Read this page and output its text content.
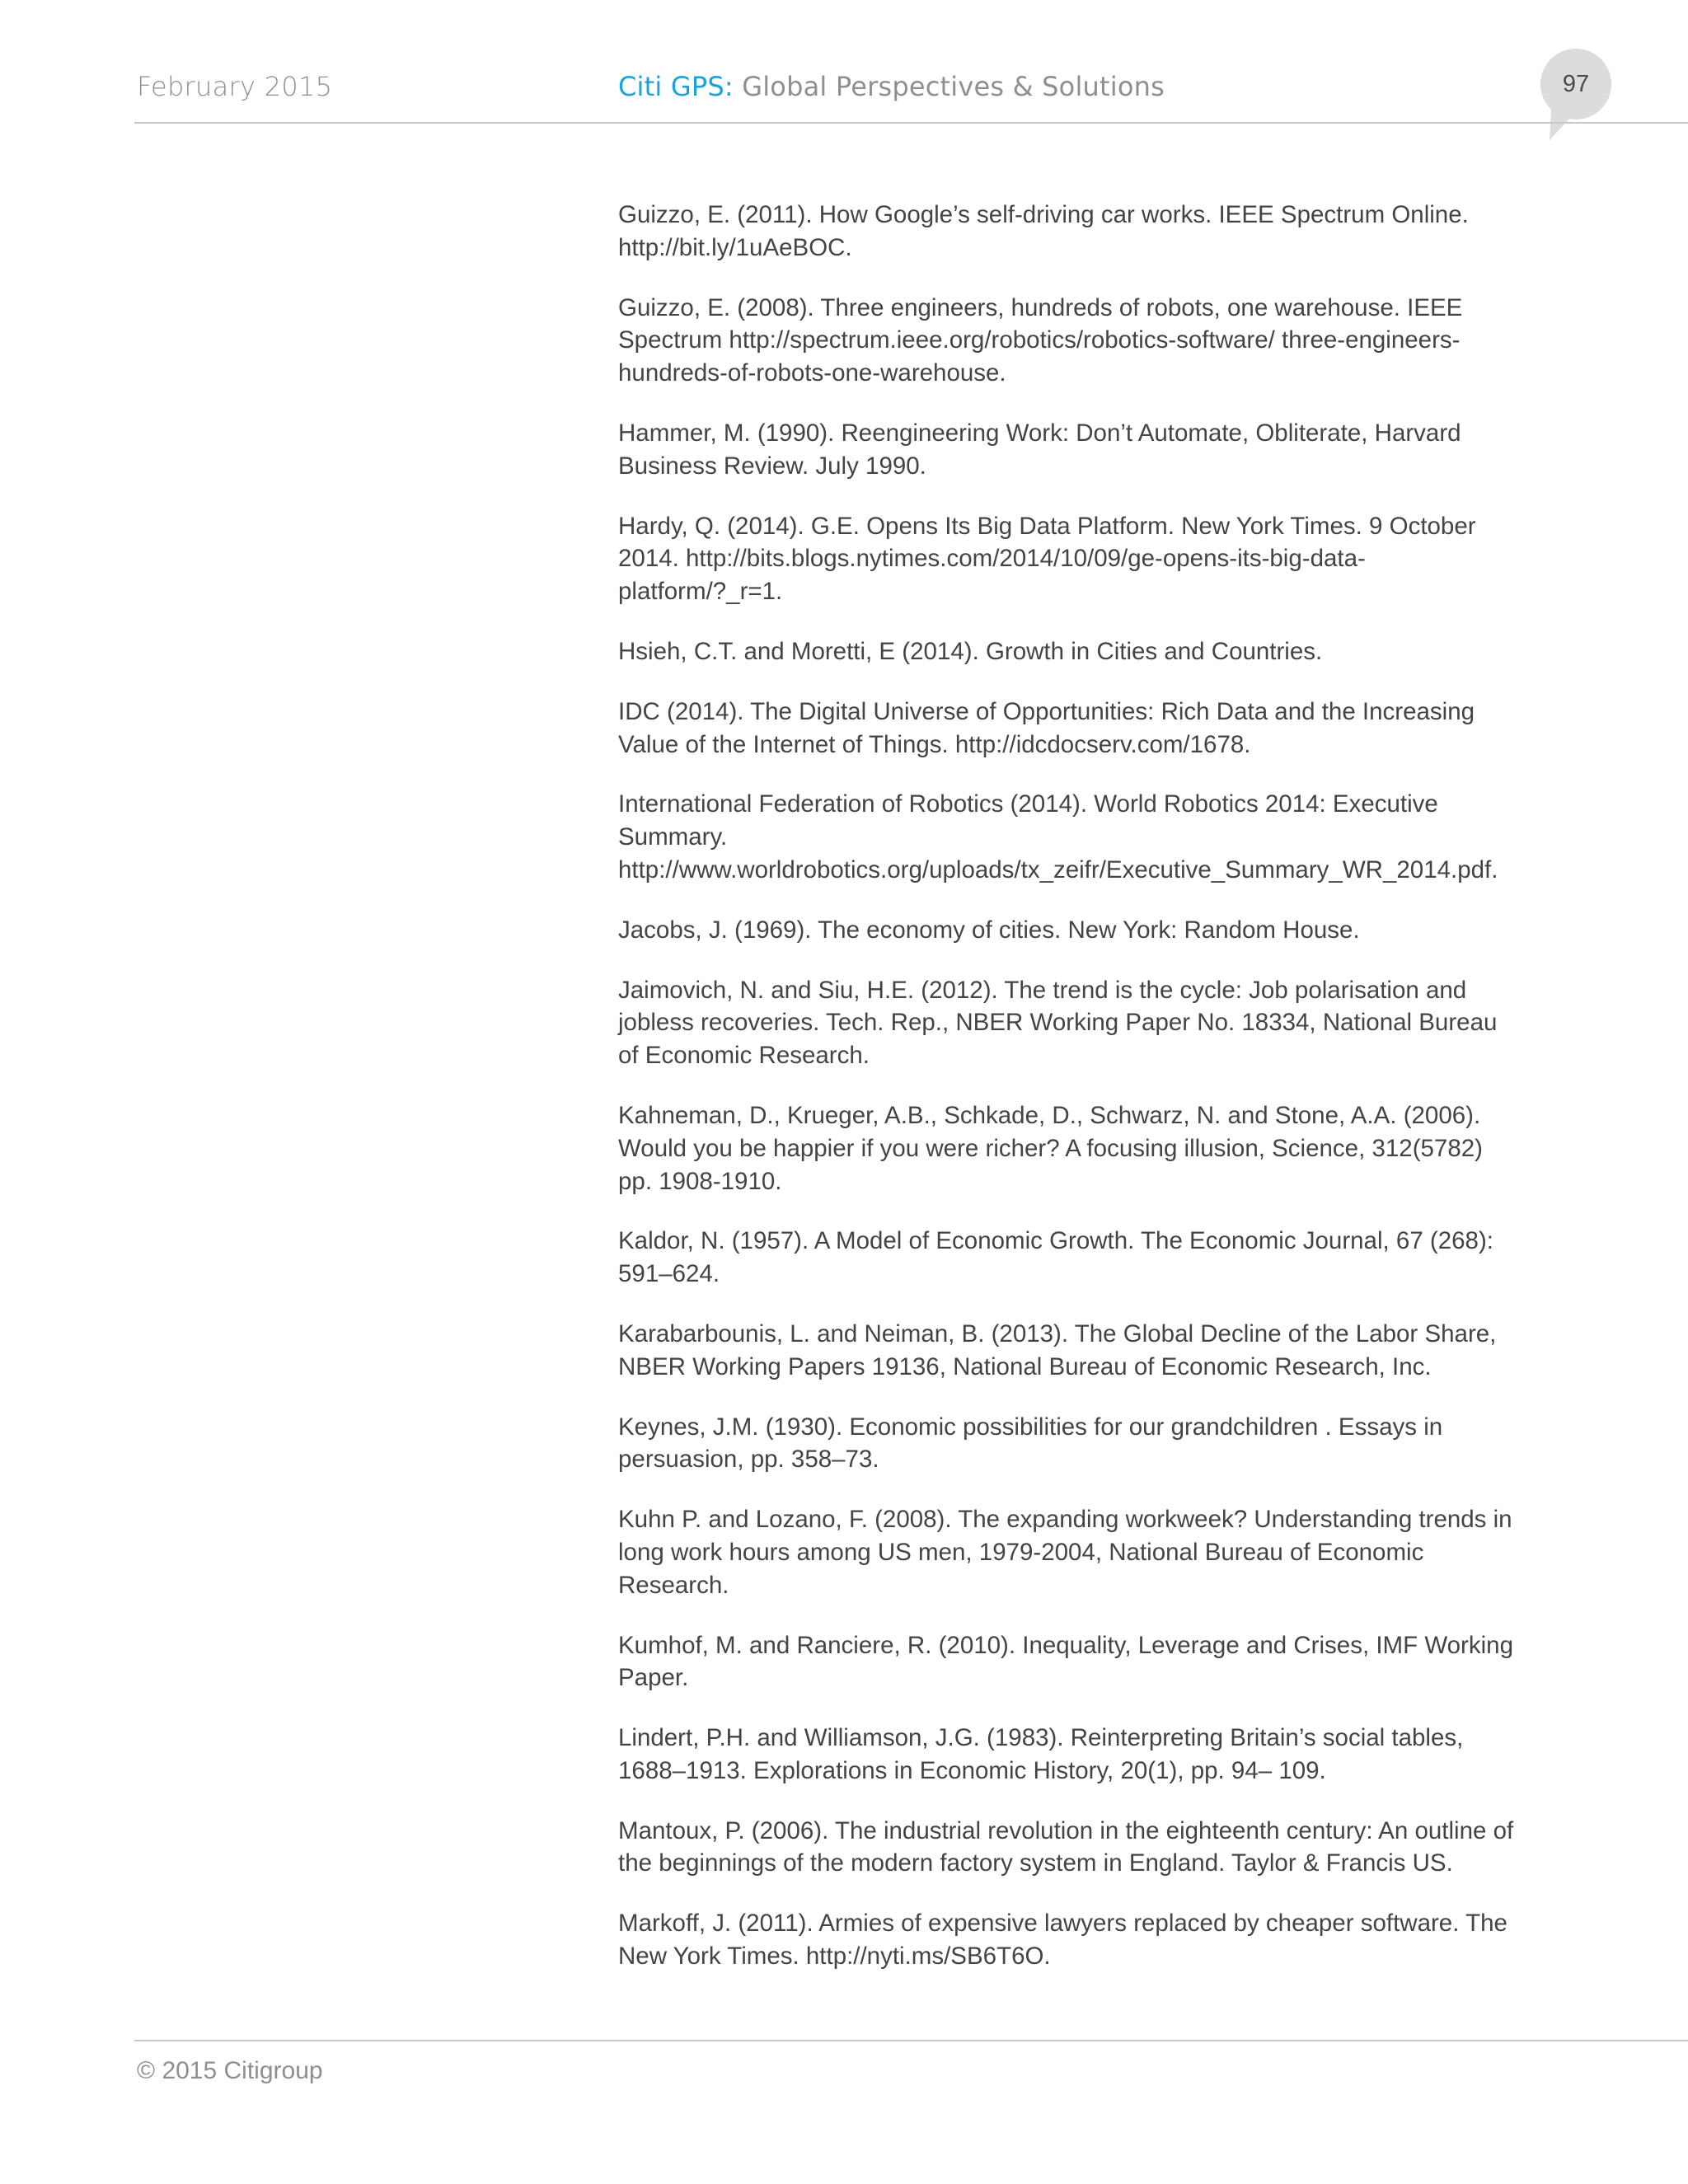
February 2015	Citi GPS: Global Perspectives & Solutions	97
Guizzo, E. (2011). How Google’s self-driving car works. IEEE Spectrum Online.
http://bit.ly/1uAeBOC.
Guizzo, E. (2008). Three engineers, hundreds of robots, one warehouse. IEEE
Spectrum http://spectrum.ieee.org/robotics/robotics-software/ three-engineers-
hundreds-of-robots-one-warehouse.
Hammer, M. (1990). Reengineering Work: Don’t Automate, Obliterate, Harvard
Business Review. July 1990.
Hardy, Q. (2014). G.E. Opens Its Big Data Platform. New York Times. 9 October
2014. http://bits.blogs.nytimes.com/2014/10/09/ge-opens-its-big-data-
platform/?_r=1.
Hsieh, C.T. and Moretti, E (2014). Growth in Cities and Countries.
IDC (2014). The Digital Universe of Opportunities: Rich Data and the Increasing
Value of the Internet of Things. http://idcdocserv.com/1678.
International Federation of Robotics (2014). World Robotics 2014: Executive
Summary.
http://www.worldrobotics.org/uploads/tx_zeifr/Executive_Summary_WR_2014.pdf.
Jacobs, J. (1969). The economy of cities. New York: Random House.
Jaimovich, N. and Siu, H.E. (2012). The trend is the cycle: Job polarisation and
jobless recoveries. Tech. Rep., NBER Working Paper No. 18334, National Bureau
of Economic Research.
Kahneman, D., Krueger, A.B., Schkade, D., Schwarz, N. and Stone, A.A. (2006).
Would you be happier if you were richer? A focusing illusion, Science, 312(5782)
pp. 1908-1910.
Kaldor, N. (1957). A Model of Economic Growth. The Economic Journal, 67 (268):
591–624.
Karabarbounis, L. and Neiman, B. (2013). The Global Decline of the Labor Share,
NBER Working Papers 19136, National Bureau of Economic Research, Inc.
Keynes, J.M. (1930). Economic possibilities for our grandchildren . Essays in
persuasion, pp. 358–73.
Kuhn P. and Lozano, F. (2008). The expanding workweek? Understanding trends in
long work hours among US men, 1979-2004, National Bureau of Economic
Research.
Kumhof, M. and Ranciere, R. (2010). Inequality, Leverage and Crises, IMF Working
Paper.
Lindert, P.H. and Williamson, J.G. (1983). Reinterpreting Britain’s social tables,
1688–1913. Explorations in Economic History, 20(1), pp. 94– 109.
Mantoux, P. (2006). The industrial revolution in the eighteenth century: An outline of
the beginnings of the modern factory system in England. Taylor & Francis US.
Markoff, J. (2011). Armies of expensive lawyers replaced by cheaper software. The
New York Times. http://nyti.ms/SB6T6O.
© 2015 Citigroup
